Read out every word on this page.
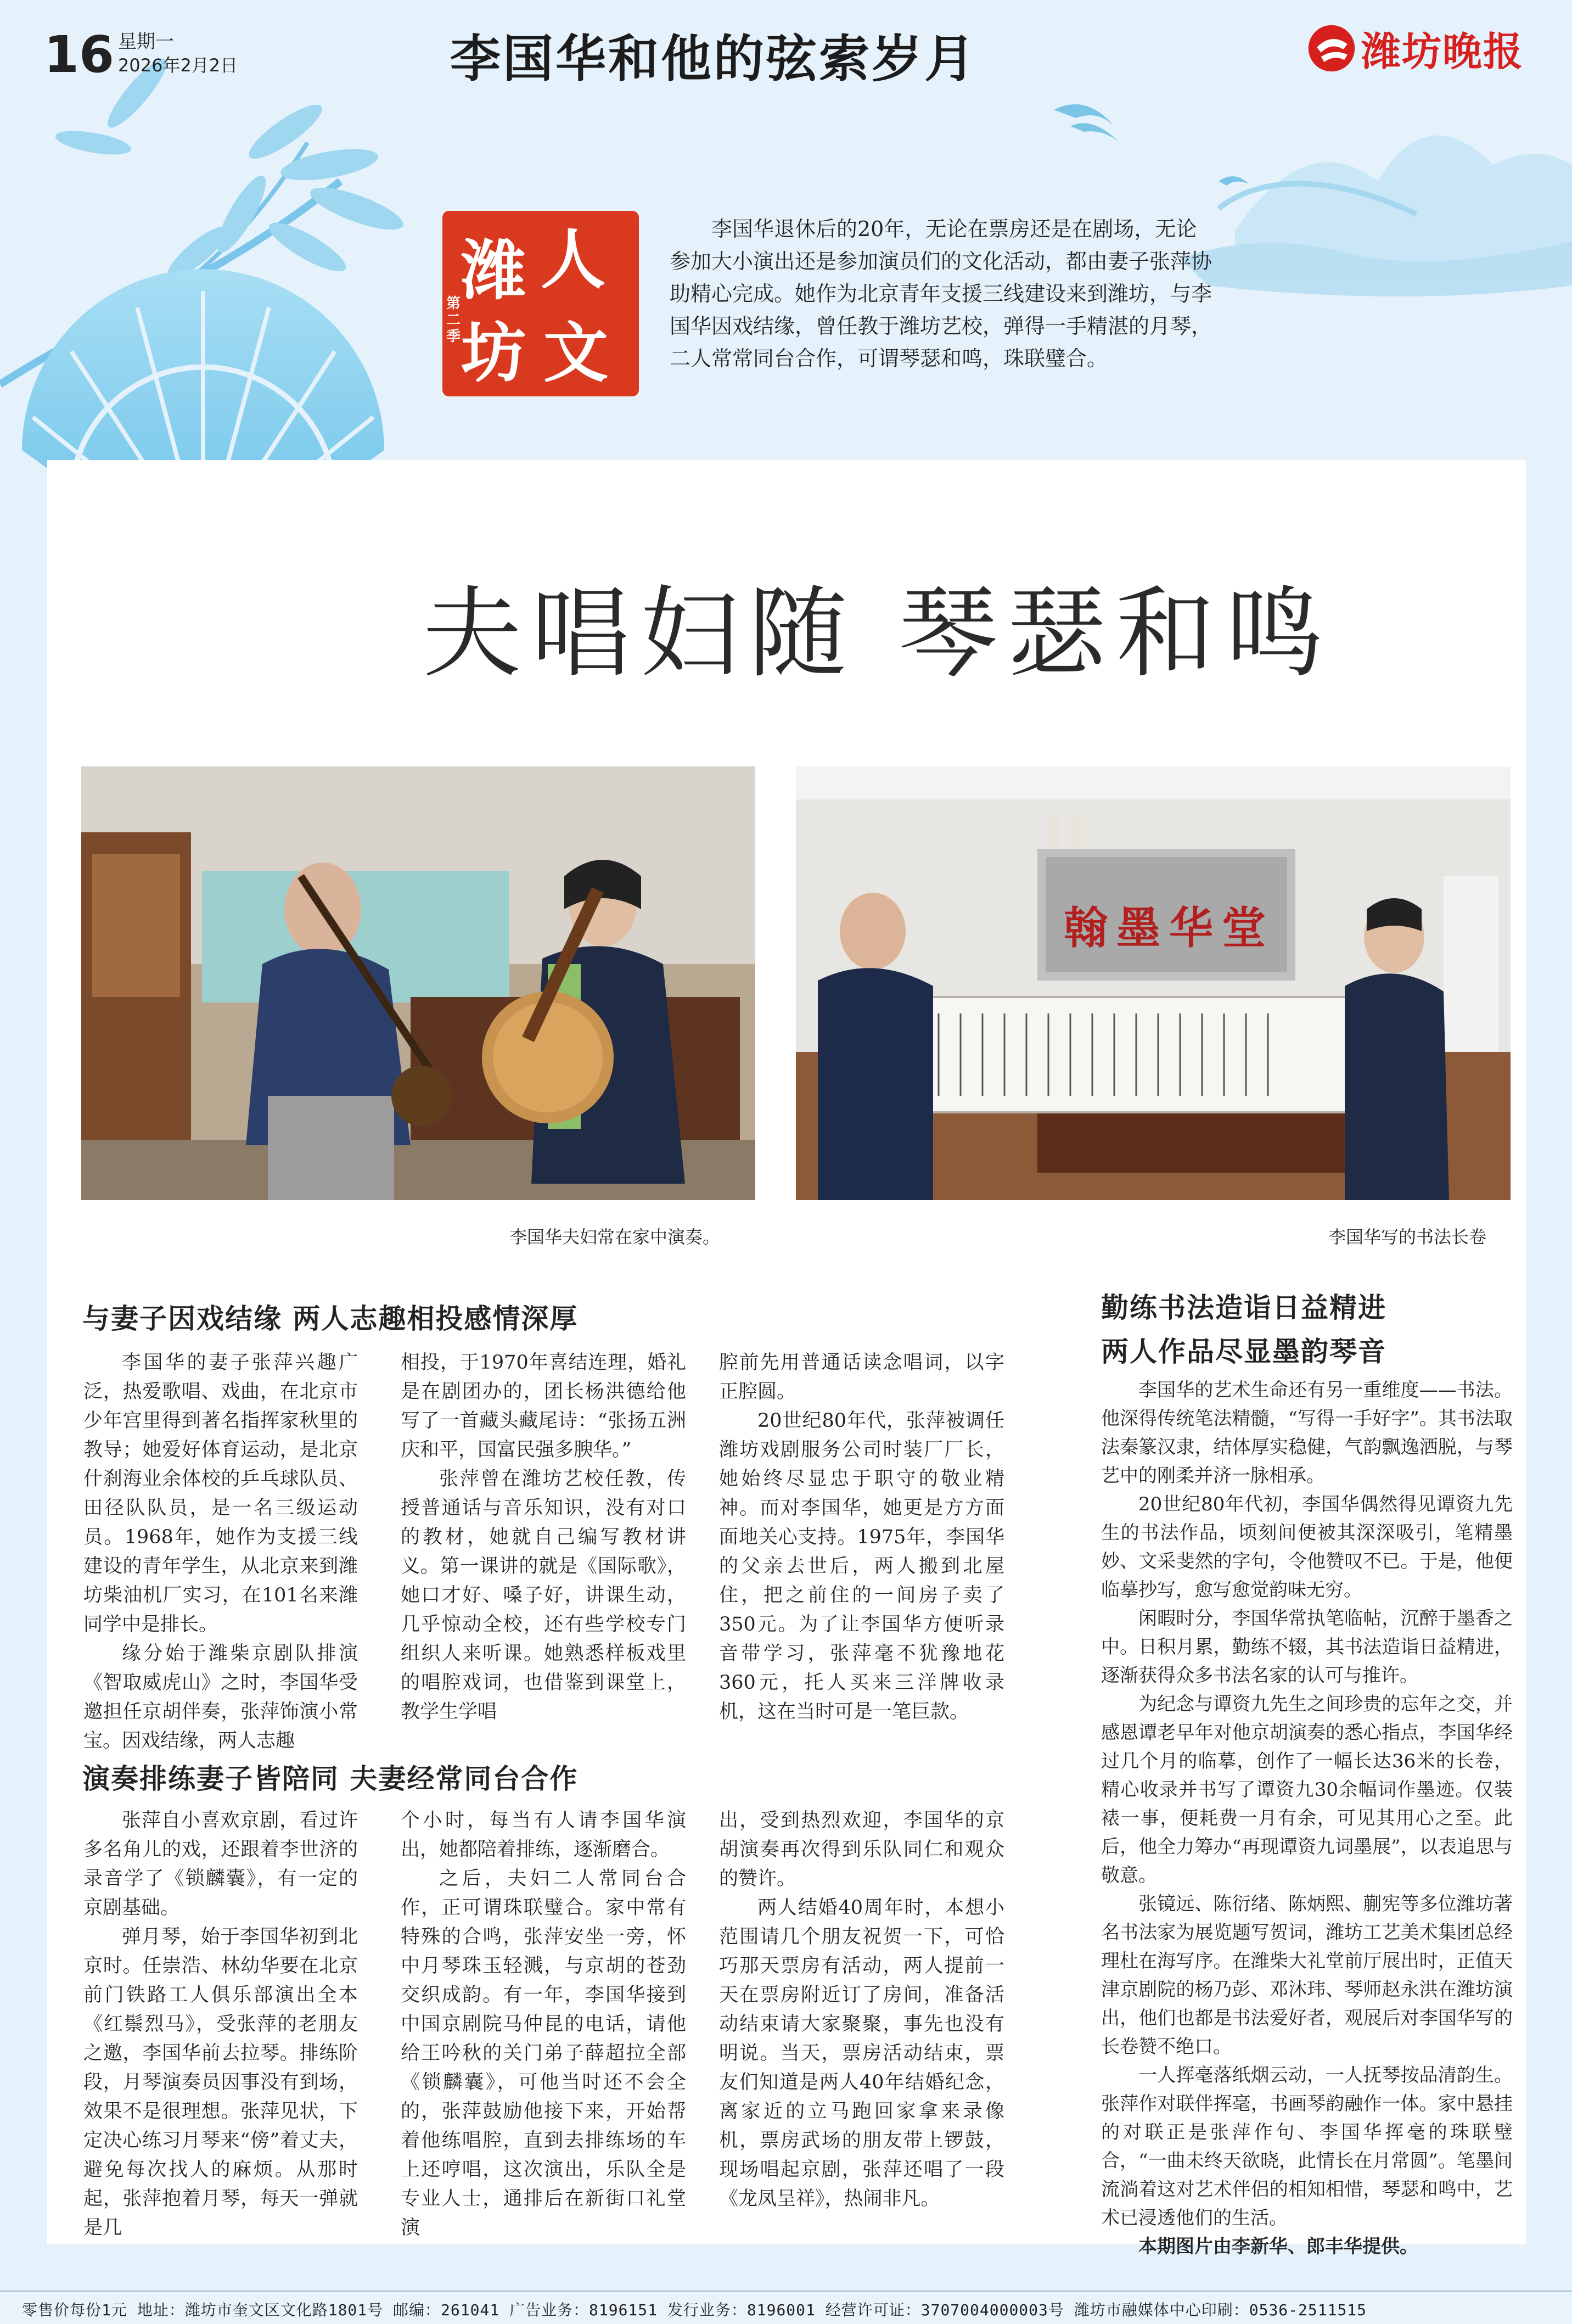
16 星期一
2026年2月2日	李国华和他的弦索岁月	潍坊晚报
潍 人
坊 文
第二季

李国华退休后的20年，无论在票房还是在剧场，无论参加大小演出还是参加演员们的文化活动，都由妻子张萍协助精心完成。她作为北京青年支援三线建设来到潍坊，与李国华因戏结缘，曾任教于潍坊艺校，弹得一手精湛的月琴，二人常常同台合作，可谓琴瑟和鸣，珠联璧合。

夫唱妇随 琴瑟和鸣
李国华夫妇常在家中演奏。
翰墨华堂
李国华写的书法长卷
与妻子因戏结缘 两人志趣相投感情深厚

李国华的妻子张萍兴趣广泛，热爱歌唱、戏曲，在北京市少年宫里得到著名指挥家秋里的教导；她爱好体育运动，是北京什刹海业余体校的乒乓球队员、田径队队员，是一名三级运动员。1968年，她作为支援三线建设的青年学生，从北京来到潍坊柴油机厂实习，在101名来潍同学中是排长。

缘分始于潍柴京剧队排演《智取威虎山》之时，李国华受邀担任京胡伴奏，张萍饰演小常宝。因戏结缘，两人志趣

相投，于1970年喜结连理，婚礼是在剧团办的，团长杨洪德给他写了一首藏头藏尾诗：“张扬五洲庆和平，国富民强多腴华。”

张萍曾在潍坊艺校任教，传授普通话与音乐知识，没有对口的教材，她就自己编写教材讲义。第一课讲的就是《国际歌》，她口才好、嗓子好，讲课生动，几乎惊动全校，还有些学校专门组织人来听课。她熟悉样板戏里的唱腔戏词，也借鉴到课堂上，教学生学唱

腔前先用普通话读念唱词，以字正腔圆。

20世纪80年代，张萍被调任潍坊戏剧服务公司时装厂厂长，她始终尽显忠于职守的敬业精神。而对李国华，她更是方方面面地关心支持。1975年，李国华的父亲去世后，两人搬到北屋住，把之前住的一间房子卖了350元。为了让李国华方便听录音带学习，张萍毫不犹豫地花360元，托人买来三洋牌收录机，这在当时可是一笔巨款。

演奏排练妻子皆陪同 夫妻经常同台合作

张萍自小喜欢京剧，看过许多名角儿的戏，还跟着李世济的录音学了《锁麟囊》，有一定的京剧基础。

弹月琴，始于李国华初到北京时。任崇浩、林幼华要在北京前门铁路工人俱乐部演出全本《红鬃烈马》，受张萍的老朋友之邀，李国华前去拉琴。排练阶段，月琴演奏员因事没有到场，效果不是很理想。张萍见状，下定决心练习月琴来“傍”着丈夫，避免每次找人的麻烦。从那时起，张萍抱着月琴，每天一弹就是几

个小时，每当有人请李国华演出，她都陪着排练，逐渐磨合。

之后，夫妇二人常同台合作，正可谓珠联璧合。家中常有特殊的合鸣，张萍安坐一旁，怀中月琴珠玉轻溅，与京胡的苍劲交织成韵。有一年，李国华接到中国京剧院马仲昆的电话，请他给王吟秋的关门弟子薛超拉全部《锁麟囊》，可他当时还不会全的，张萍鼓励他接下来，开始帮着他练唱腔，直到去排练场的车上还哼唱，这次演出，乐队全是专业人士，通排后在新街口礼堂演

出，受到热烈欢迎，李国华的京胡演奏再次得到乐队同仁和观众的赞许。

两人结婚40周年时，本想小范围请几个朋友祝贺一下，可恰巧那天票房有活动，两人提前一天在票房附近订了房间，准备活动结束请大家聚聚，事先也没有明说。当天，票房活动结束，票友们知道是两人40年结婚纪念，离家近的立马跑回家拿来录像机，票房武场的朋友带上锣鼓，现场唱起京剧，张萍还唱了一段《龙凤呈祥》，热闹非凡。

勤练书法造诣日益精进
两人作品尽显墨韵琴音

李国华的艺术生命还有另一重维度——书法。他深得传统笔法精髓，“写得一手好字”。其书法取法秦篆汉隶，结体厚实稳健，气韵飘逸洒脱，与琴艺中的刚柔并济一脉相承。

20世纪80年代初，李国华偶然得见谭资九先生的书法作品，顷刻间便被其深深吸引，笔精墨妙、文采斐然的字句，令他赞叹不已。于是，他便临摹抄写，愈写愈觉韵味无穷。

闲暇时分，李国华常执笔临帖，沉醉于墨香之中。日积月累，勤练不辍，其书法造诣日益精进，逐渐获得众多书法名家的认可与推许。

为纪念与谭资九先生之间珍贵的忘年之交，并感恩谭老早年对他京胡演奏的悉心指点，李国华经过几个月的临摹，创作了一幅长达36米的长卷，精心收录并书写了谭资九30余幅词作墨迹。仅装裱一事，便耗费一月有余，可见其用心之至。此后，他全力筹办“再现谭资九词墨展”，以表追思与敬意。

张镜远、陈衍绪、陈炳熙、蒯宪等多位潍坊著名书法家为展览题写贺词，潍坊工艺美术集团总经理杜在海写序。在潍柴大礼堂前厅展出时，正值天津京剧院的杨乃彭、邓沐玮、琴师赵永洪在潍坊演出，他们也都是书法爱好者，观展后对李国华写的长卷赞不绝口。

一人挥毫落纸烟云动，一人抚琴按品清韵生。张萍作对联伴挥毫，书画琴韵融作一体。家中悬挂的对联正是张萍作句、李国华挥毫的珠联璧合，“一曲未终天欲晓，此情长在月常圆”。笔墨间流淌着这对艺术伴侣的相知相惜，琴瑟和鸣中，艺术已浸透他们的生活。

本期图片由李新华、郎丰华提供。

零售价每份1元 地址：潍坊市奎文区文化路1801号 邮编：261041 广告业务：8196151 发行业务：8196001 经营许可证：3707004000003号 潍坊市融媒体中心印刷：0536-2511515
